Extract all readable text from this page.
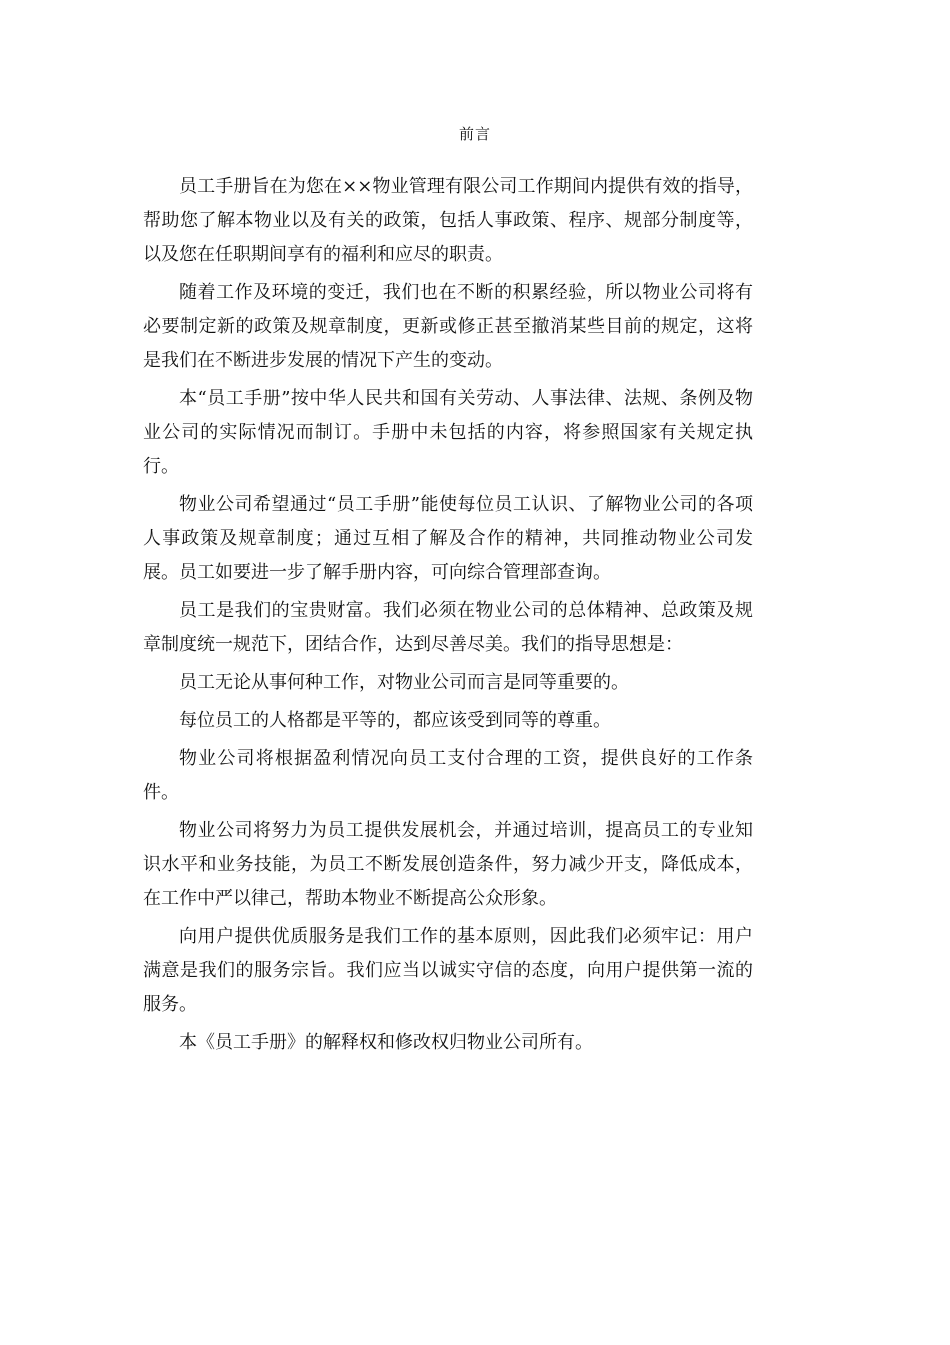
前言

员工手册旨在为您在××物业管理有限公司工作期间内提供有效的指导，帮助您了解本物业以及有关的政策，包括人事政策、程序、规部分制度等，以及您在任职期间享有的福利和应尽的职责。

随着工作及环境的变迁，我们也在不断的积累经验，所以物业公司将有必要制定新的政策及规章制度，更新或修正甚至撤消某些目前的规定，这将是我们在不断进步发展的情况下产生的变动。

本“员工手册”按中华人民共和国有关劳动、人事法律、法规、条例及物业公司的实际情况而制订。手册中未包括的内容，将参照国家有关规定执行。

物业公司希望通过“员工手册”能使每位员工认识、了解物业公司的各项人事政策及规章制度；通过互相了解及合作的精神，共同推动物业公司发展。员工如要进一步了解手册内容，可向综合管理部查询。

员工是我们的宝贵财富。我们必须在物业公司的总体精神、总政策及规章制度统一规范下，团结合作，达到尽善尽美。我们的指导思想是：

员工无论从事何种工作，对物业公司而言是同等重要的。

每位员工的人格都是平等的，都应该受到同等的尊重。

物业公司将根据盈利情况向员工支付合理的工资，提供良好的工作条件。

物业公司将努力为员工提供发展机会，并通过培训，提高员工的专业知识水平和业务技能，为员工不断发展创造条件，努力减少开支，降低成本，在工作中严以律己，帮助本物业不断提高公众形象。

向用户提供优质服务是我们工作的基本原则，因此我们必须牢记：用户满意是我们的服务宗旨。我们应当以诚实守信的态度，向用户提供第一流的服务。

本《员工手册》的解释权和修改权归物业公司所有。
